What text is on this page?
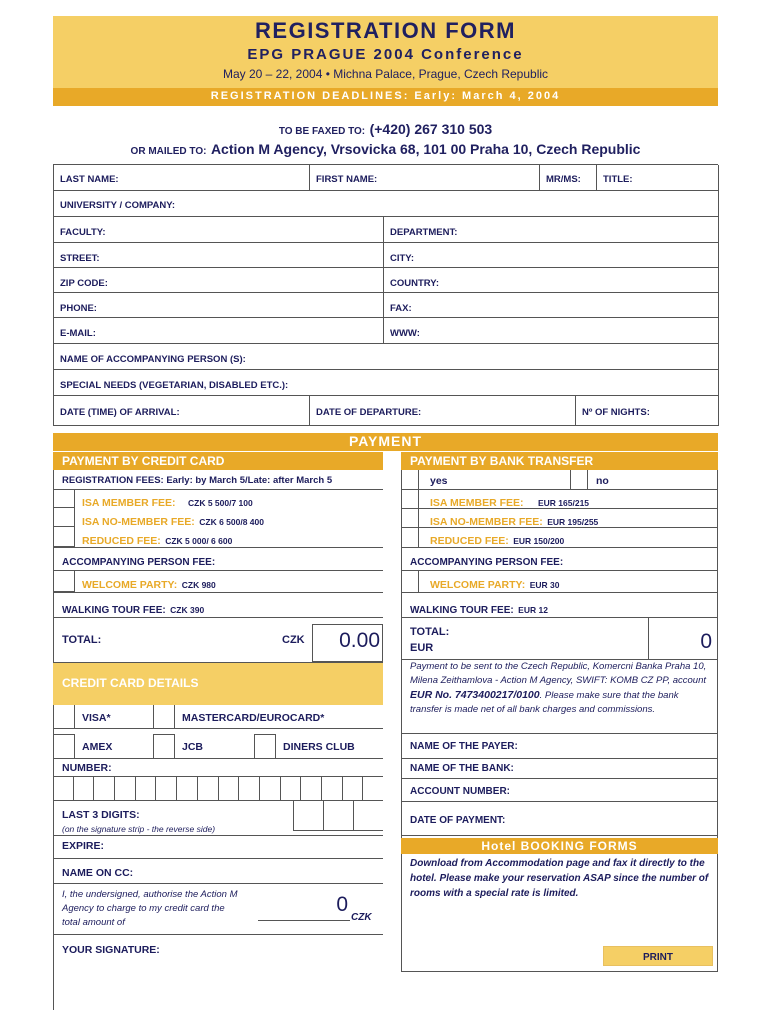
REGISTRATION FORM
EPG PRAGUE 2004 Conference
May 20 – 22, 2004 • Michna Palace, Prague, Czech Republic
REGISTRATION DEADLINES: Early: March 4, 2004
TO BE FAXED TO: (+420) 267 310 503
OR MAILED TO: Action M Agency, Vrsovicka 68, 101 00 Praha 10, Czech Republic
LAST NAME:	FIRST NAME:	MR/MS: TITLE:
UNIVERSITY / COMPANY:
FACULTY:	DEPARTMENT:
STREET:	CITY:
ZIP CODE:	COUNTRY:
PHONE:	FAX:
E-MAIL:	WWW:
NAME OF ACCOMPANYING PERSON (S):
SPECIAL NEEDS (VEGETARIAN, DISABLED ETC.):
DATE (TIME) OF ARRIVAL:	DATE OF DEPARTURE:	Nº OF NIGHTS:
PAYMENT
PAYMENT BY CREDIT CARD
REGISTRATION FEES: Early: by March 5/Late: after March 5
ISA MEMBER FEE: CZK 5 500/7 100
ISA NO-MEMBER FEE: CZK 6 500/8 400
REDUCED FEE: CZK 5 000/ 6 600
ACCOMPANYING PERSON FEE:
WELCOME PARTY: CZK 980
WALKING TOUR FEE: CZK 390
TOTAL:	CZK	0.00
CREDIT CARD DETAILS
VISA*	MASTERCARD/EUROCARD*
AMEX	JCB	DINERS CLUB
NUMBER:
LAST 3 DIGITS:
(on the signature strip - the reverse side)
EXPIRE:
NAME ON CC:
I, the undersigned, authorise the Action M Agency to charge to my credit card the total amount of
0
CZK
YOUR SIGNATURE:
PAYMENT BY BANK TRANSFER
yes	no
ISA MEMBER FEE: EUR 165/215
ISA NO-MEMBER FEE: EUR 195/255
REDUCED FEE: EUR 150/200
ACCOMPANYING PERSON FEE:
WELCOME PARTY: EUR 30
WALKING TOUR FEE: EUR 12
TOTAL:
EUR	0
Payment to be sent to the Czech Republic, Komercni Banka Praha 10, Milena Zeithamlova - Action M Agency, SWIFT: KOMB CZ PP, account EUR No. 7473400217/0100. Please make sure that the bank transfer is made net of all bank charges and commissions.
NAME OF THE PAYER:
NAME OF THE BANK:
ACCOUNT NUMBER:
DATE OF PAYMENT:
Hotel BOOKING FORMS
Download from Accommodation page and fax it directly to the hotel. Please make your reservation ASAP since the number of rooms with a special rate is limited.
PRINT
